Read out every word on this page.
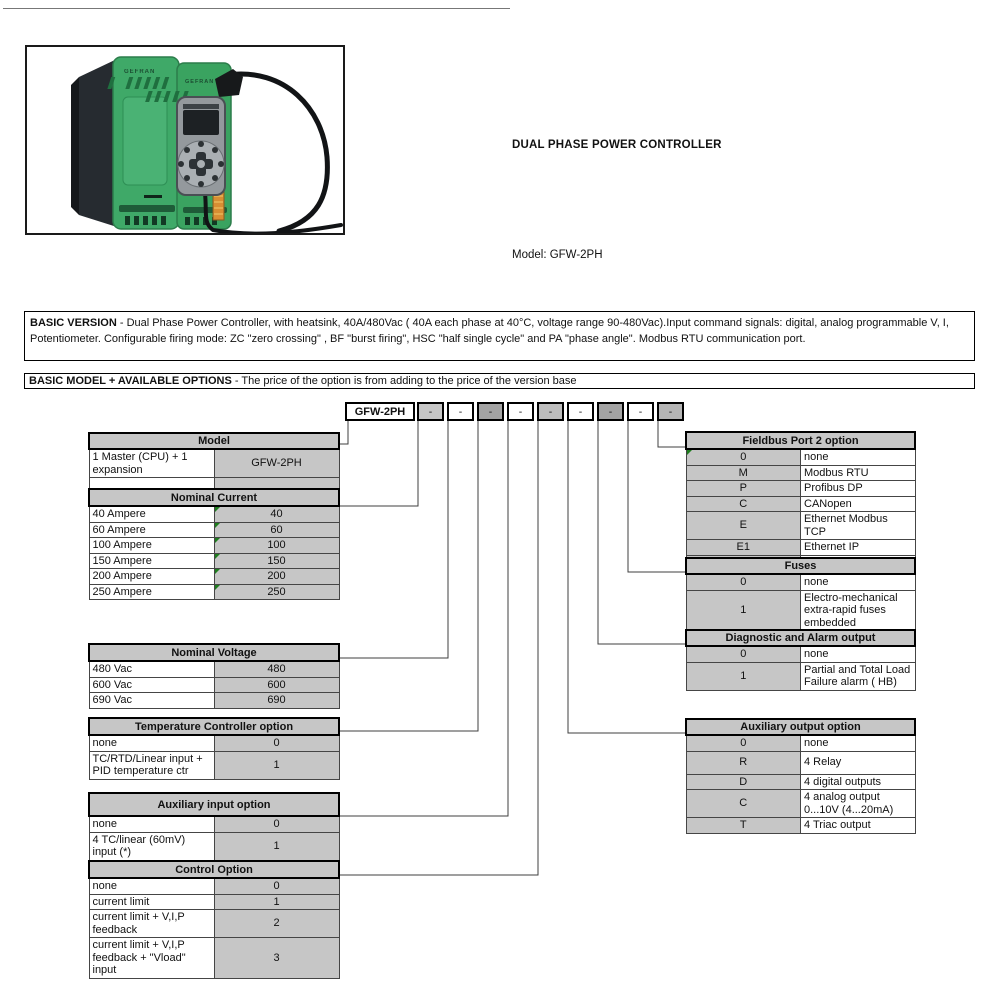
GEFRAN
GEFRAN
DUAL PHASE POWER CONTROLLER
Model: GFW-2PH
BASIC VERSION - Dual Phase Power Controller, with heatsink, 40A/480Vac ( 40A each phase at 40°C, voltage range 90-480Vac).Input command signals: digital, analog programmable V, I, Potentiometer. Configurable firing mode: ZC "zero crossing" , BF "burst firing", HSC "half single cycle" and PA "phase angle". Modbus RTU communication port.
BASIC MODEL + AVAILABLE OPTIONS - The price of the option is from adding to the price of the version base
GFW-2PH	-	-	-	-	-	-	-	-	-
Model	
1 Master (CPU) + 1 expansion	GFW-2PH

Nominal Current	
40 Ampere	40

60 Ampere	60

100 Ampere	100

150 Ampere	150

200 Ampere	200

250 Ampere	250
Nominal Voltage	
480 Vac	480
600 Vac	600
690 Vac	690
Temperature Controller option	
none	0
TC/RTD/Linear input + PID temperature ctr	1
Auxiliary input option	
none	0
4 TC/linear (60mV) input (*)	1
Control Option	
none	0
current limit	1
current limit + V,I,P feedback	2
current limit + V,I,P feedback + "Vload" input	3
Fieldbus Port 2 option	
0	none
M	Modbus RTU
P	Profibus DP
C	CANopen
E	Ethernet Modbus TCP
E1	Ethernet IP

Fuses	
0	none
1	Electro-mechanical extra-rapid fuses embedded
Diagnostic and Alarm output	
0	none
1	Partial and Total Load Failure alarm ( HB)
Auxiliary output option	
0	none
R	4 Relay
D	4 digital outputs
C	4 analog output
0...10V (4...20mA)
T	4 Triac output
